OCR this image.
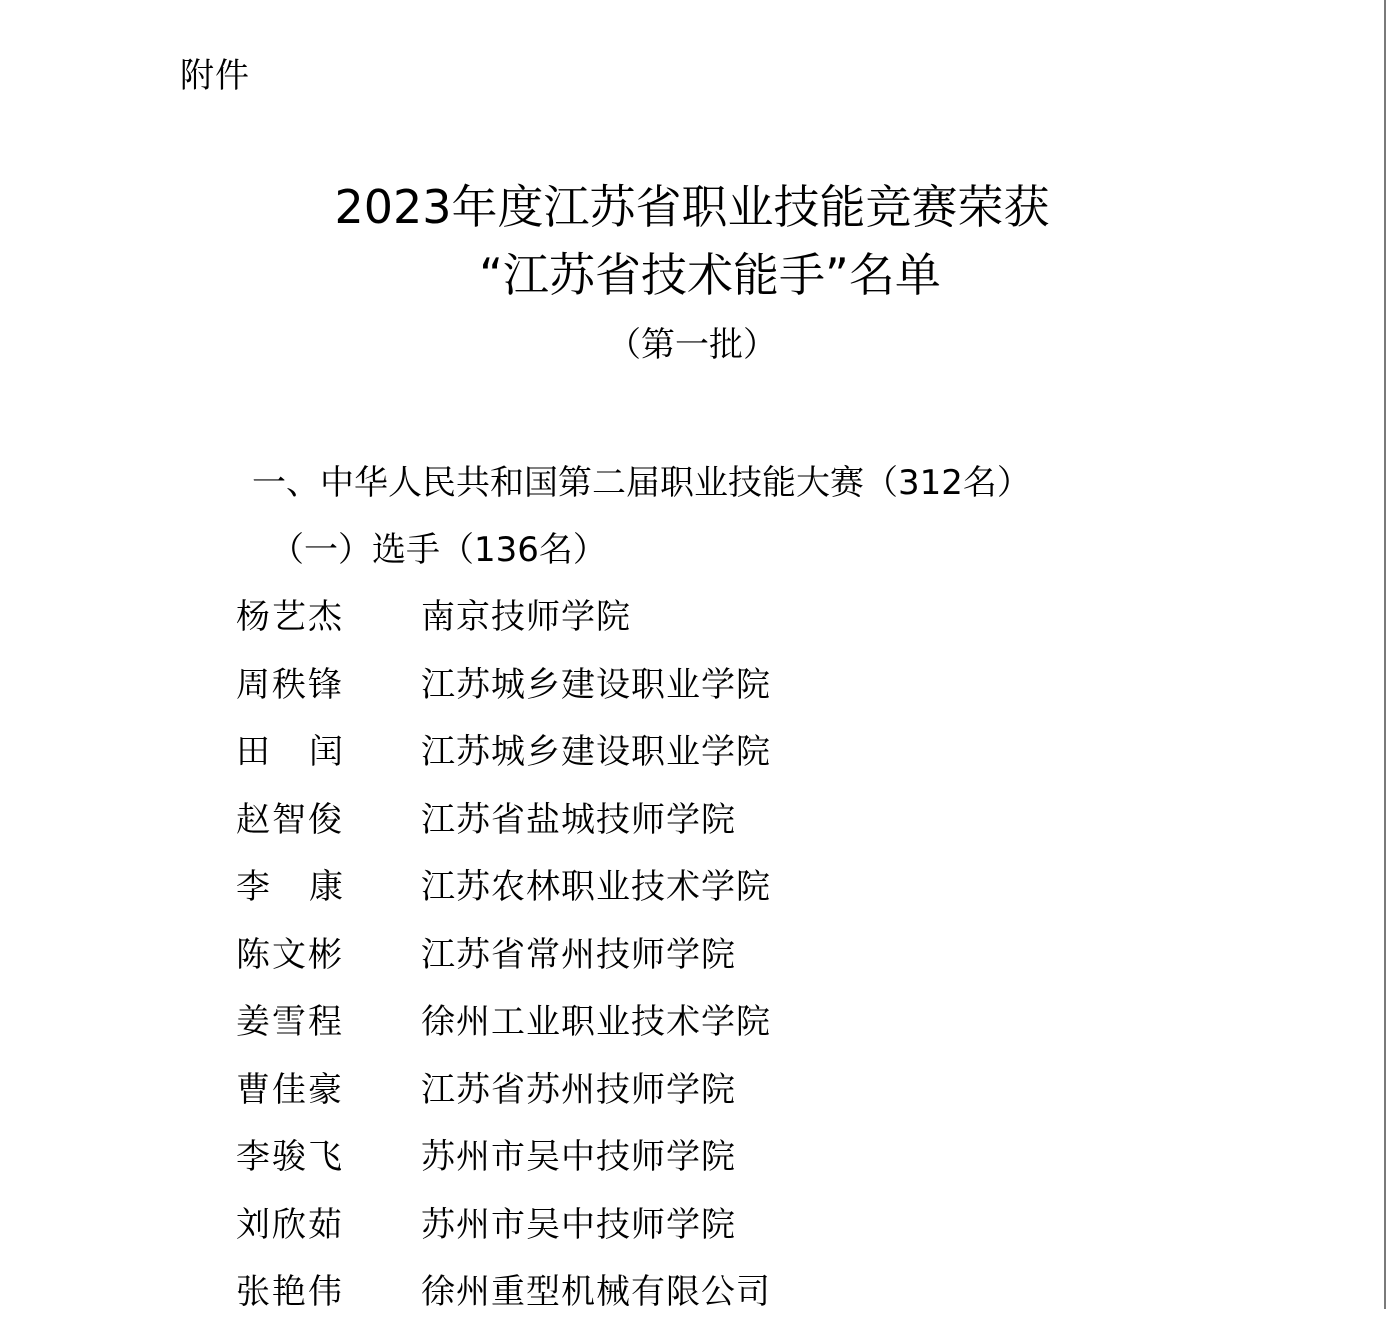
附件
2023年度江苏省职业技能竞赛荣获
“江苏省技术能手”名单
（第一批）
一、中华人民共和国第二届职业技能大赛（312名）
（一）选手（136名）
杨艺杰	南京技师学院
周秩锋	江苏城乡建设职业学院
田闰	江苏城乡建设职业学院
赵智俊	江苏省盐城技师学院
李康	江苏农林职业技术学院
陈文彬	江苏省常州技师学院
姜雪程	徐州工业职业技术学院
曹佳豪	江苏省苏州技师学院
李骏飞	苏州市吴中技师学院
刘欣茹	苏州市吴中技师学院
张艳伟	徐州重型机械有限公司
